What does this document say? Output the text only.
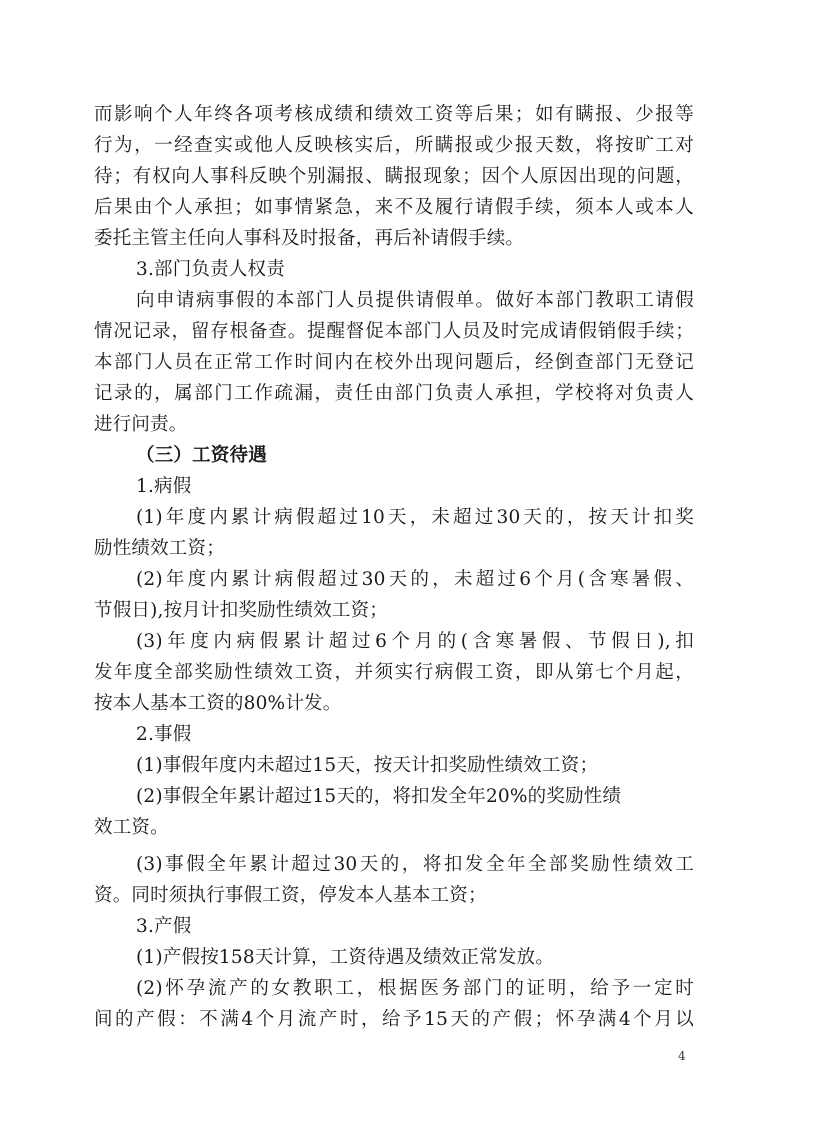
而影响个人年终各项考核成绩和绩效工资等后果；如有瞒报、少报等
行为，一经查实或他人反映核实后，所瞒报或少报天数，将按旷工对
待；有权向人事科反映个别漏报、瞒报现象；因个人原因出现的问题，
后果由个人承担；如事情紧急，来不及履行请假手续，须本人或本人
委托主管主任向人事科及时报备，再后补请假手续。
3.部门负责人权责
向申请病事假的本部门人员提供请假单。做好本部门教职工请假
情况记录，留存根备查。提醒督促本部门人员及时完成请假销假手续；
本部门人员在正常工作时间内在校外出现问题后，经倒查部门无登记
记录的，属部门工作疏漏，责任由部门负责人承担，学校将对负责人
进行问责。
（三）工资待遇
1.病假
(1)年度内累计病假超过10天，未超过30天的，按天计扣奖
励性绩效工资；
(2)年度内累计病假超过30天的，未超过6个月(含寒暑假、
节假日),按月计扣奖励性绩效工资；
(3)年度内病假累计超过6个月的(含寒暑假、节假日),扣
发年度全部奖励性绩效工资，并须实行病假工资，即从第七个月起，
按本人基本工资的80%计发。
2.事假
(1)事假年度内未超过15天，按天计扣奖励性绩效工资；
(2)事假全年累计超过15天的，将扣发全年20%的奖励性绩
效工资。
(3)事假全年累计超过30天的，将扣发全年全部奖励性绩效工
资。同时须执行事假工资，停发本人基本工资；
3.产假
(1)产假按158天计算，工资待遇及绩效正常发放。
(2)怀孕流产的女教职工，根据医务部门的证明，给予一定时
间的产假：不满4个月流产时，给予15天的产假；怀孕满4个月以
4
